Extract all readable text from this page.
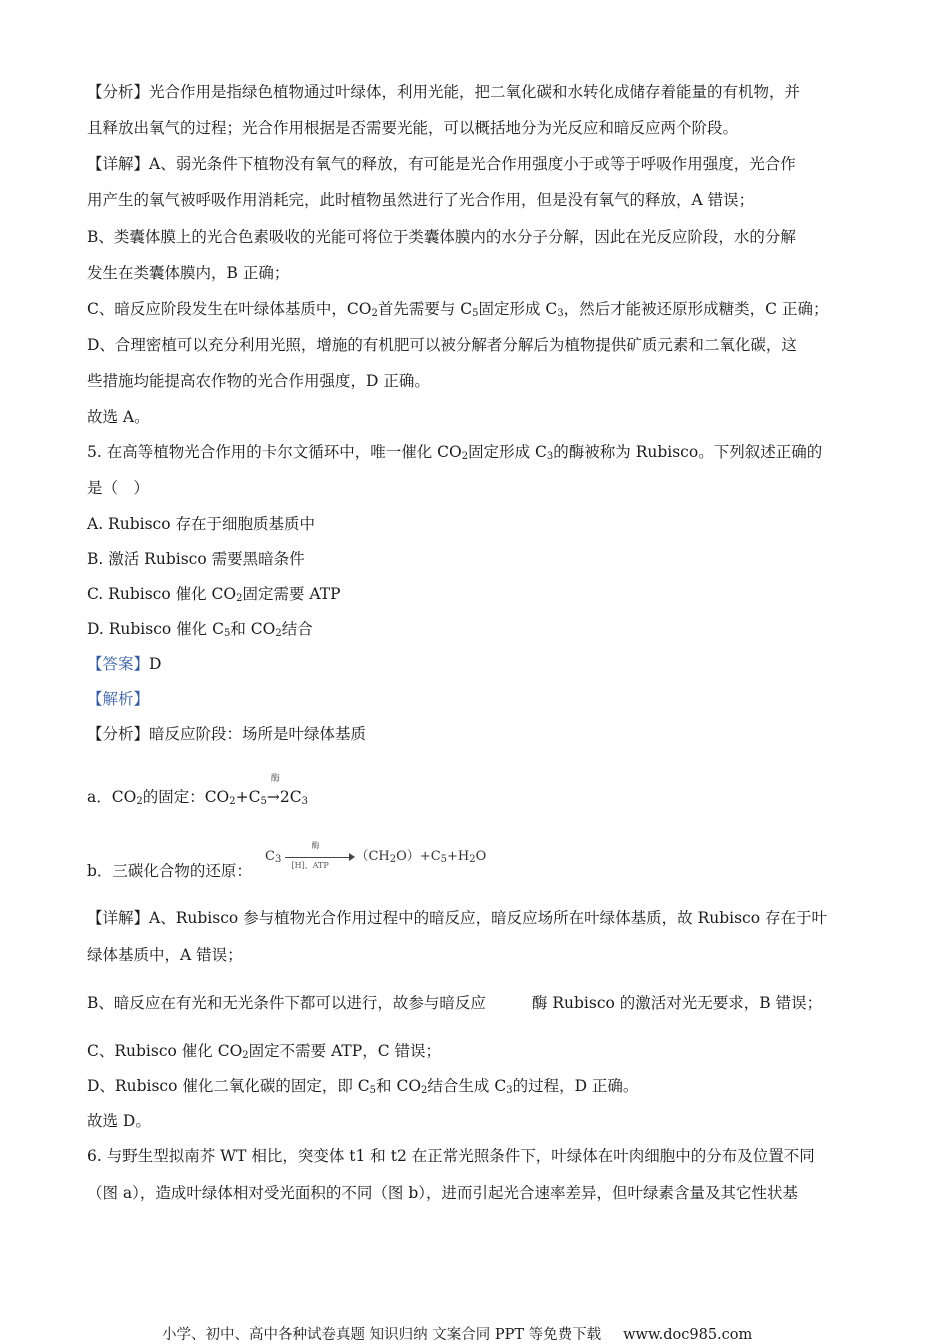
【分析】光合作用是指绿色植物通过叶绿体，利用光能，把二氧化碳和水转化成储存着能量的有机物，并
且释放出氧气的过程；光合作用根据是否需要光能，可以概括地分为光反应和暗反应两个阶段。
【详解】A、弱光条件下植物没有氧气的释放，有可能是光合作用强度小于或等于呼吸作用强度，光合作
用产生的氧气被呼吸作用消耗完，此时植物虽然进行了光合作用，但是没有氧气的释放，A 错误；
B、类囊体膜上的光合色素吸收的光能可将位于类囊体膜内的水分子分解，因此在光反应阶段，水的分解
发生在类囊体膜内，B 正确；
C、暗反应阶段发生在叶绿体基质中，$CO_2$首先需要与 $C_5$固定形成 $C_3$，然后才能被还原形成糖类，C 正确；
D、合理密植可以充分利用光照，增施的有机肥可以被分解者分解后为植物提供矿质元素和二氧化碳，这
些措施均能提高农作物的光合作用强度，D 正确。
故选 A。
5. 在高等植物光合作用的卡尔文循环中，唯一催化 $CO_2$固定形成 $C_3$的酶被称为 Rubisco。下列叙述正确的
是（　）
A. Rubisco 存在于细胞质基质中
B. 激活 Rubisco 需要黑暗条件
C. Rubisco 催化 $CO_2$固定需要 ATP
D. Rubisco 催化 $C_5$和 $CO_2$结合
【答案】D
【解析】
【分析】暗反应阶段：场所是叶绿体基质
a．$CO_2$的固定：$CO_2+C_5$
酶
$\to 2C_3$
b．三碳化合物的还原：
$C_3$
酶
[H]、ATP
$(CH_2O)+C_5+H_2O$
【详解】A、Rubisco 参与植物光合作用过程中的暗反应，暗反应场所在叶绿体基质，故 Rubisco 存在于叶
绿体基质中，A 错误；
B、暗反应在有光和无光条件下都可以进行，故参与暗反应	酶 Rubisco 的激活对光无要求，B 错误；
C、Rubisco 催化 $CO_2$固定不需要 ATP，C 错误；
D、Rubisco 催化二氧化碳的固定，即 $C_5$和 $CO_2$结合生成 $C_3$的过程，D 正确。
故选 D。
6. 与野生型拟南芥 WT 相比，突变体 t1 和 t2 在正常光照条件下，叶绿体在叶肉细胞中的分布及位置不同
（图 a），造成叶绿体相对受光面积的不同（图 b），进而引起光合速率差异，但叶绿素含量及其它性状基
小学、初中、高中各种试卷真题 知识归纳 文案合同 PPT 等免费下载 www.doc985.com
